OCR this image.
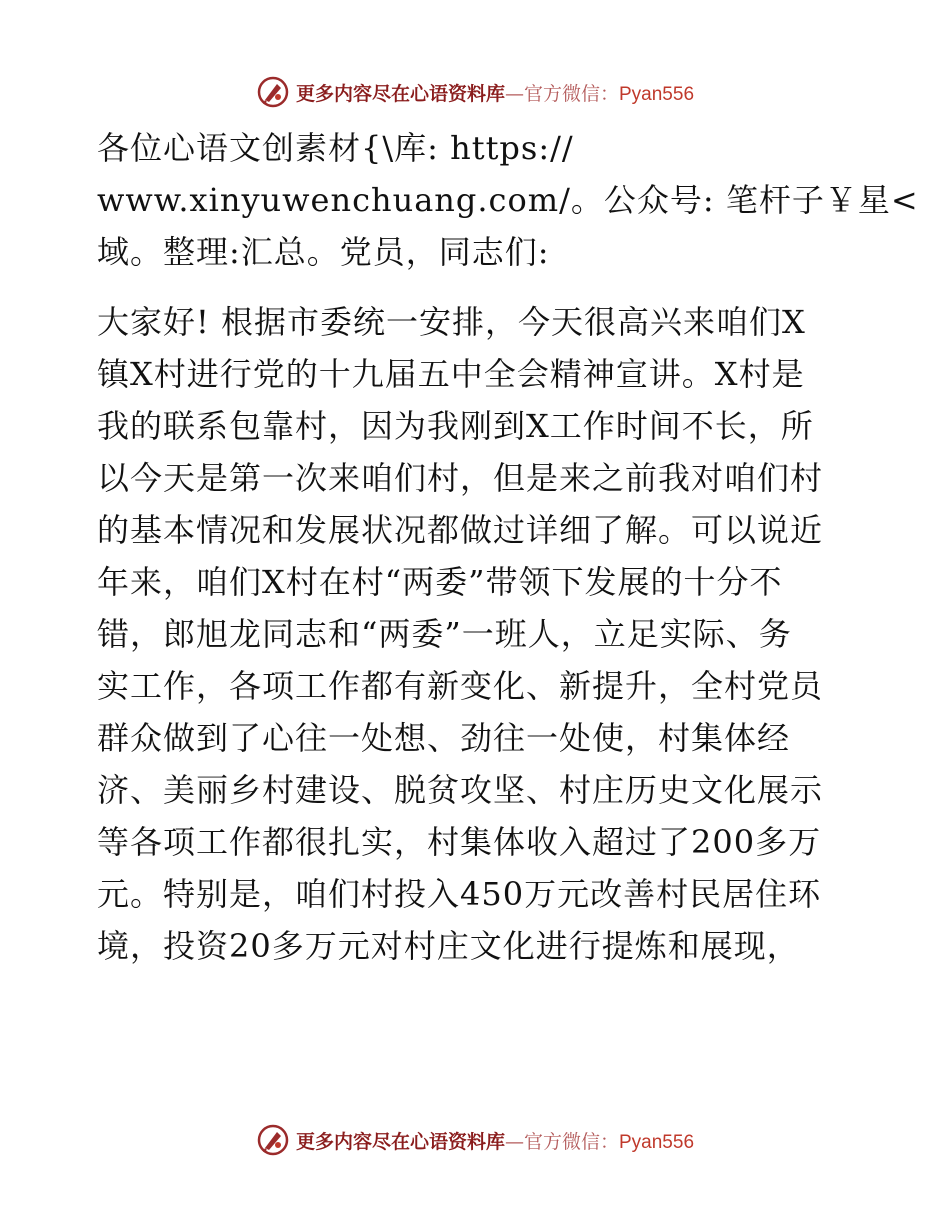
更多内容尽在心语资料库—官方微信：Pyan556

各位心语文创素材{\库: https://
www.xinyuwenchuang.com/。公众号: 笔杆子￥星<
域。整理:汇总。党员，同志们:

大家好! 根据市委统一安排，今天很高兴来咱们X
镇X村进行党的十九届五中全会精神宣讲。X村是
我的联系包靠村，因为我刚到X工作时间不长，所
以今天是第一次来咱们村，但是来之前我对咱们村
的基本情况和发展状况都做过详细了解。可以说近
年来，咱们X村在村“两委”带领下发展的十分不
错，郎旭龙同志和“两委”一班人，立足实际、务
实工作，各项工作都有新变化、新提升，全村党员
群众做到了心往一处想、劲往一处使，村集体经
济、美丽乡村建设、脱贫攻坚、村庄历史文化展示
等各项工作都很扎实，村集体收入超过了200多万
元。特别是，咱们村投入450万元改善村民居住环
境，投资20多万元对村庄文化进行提炼和展现，

更多内容尽在心语资料库—官方微信：Pyan556
